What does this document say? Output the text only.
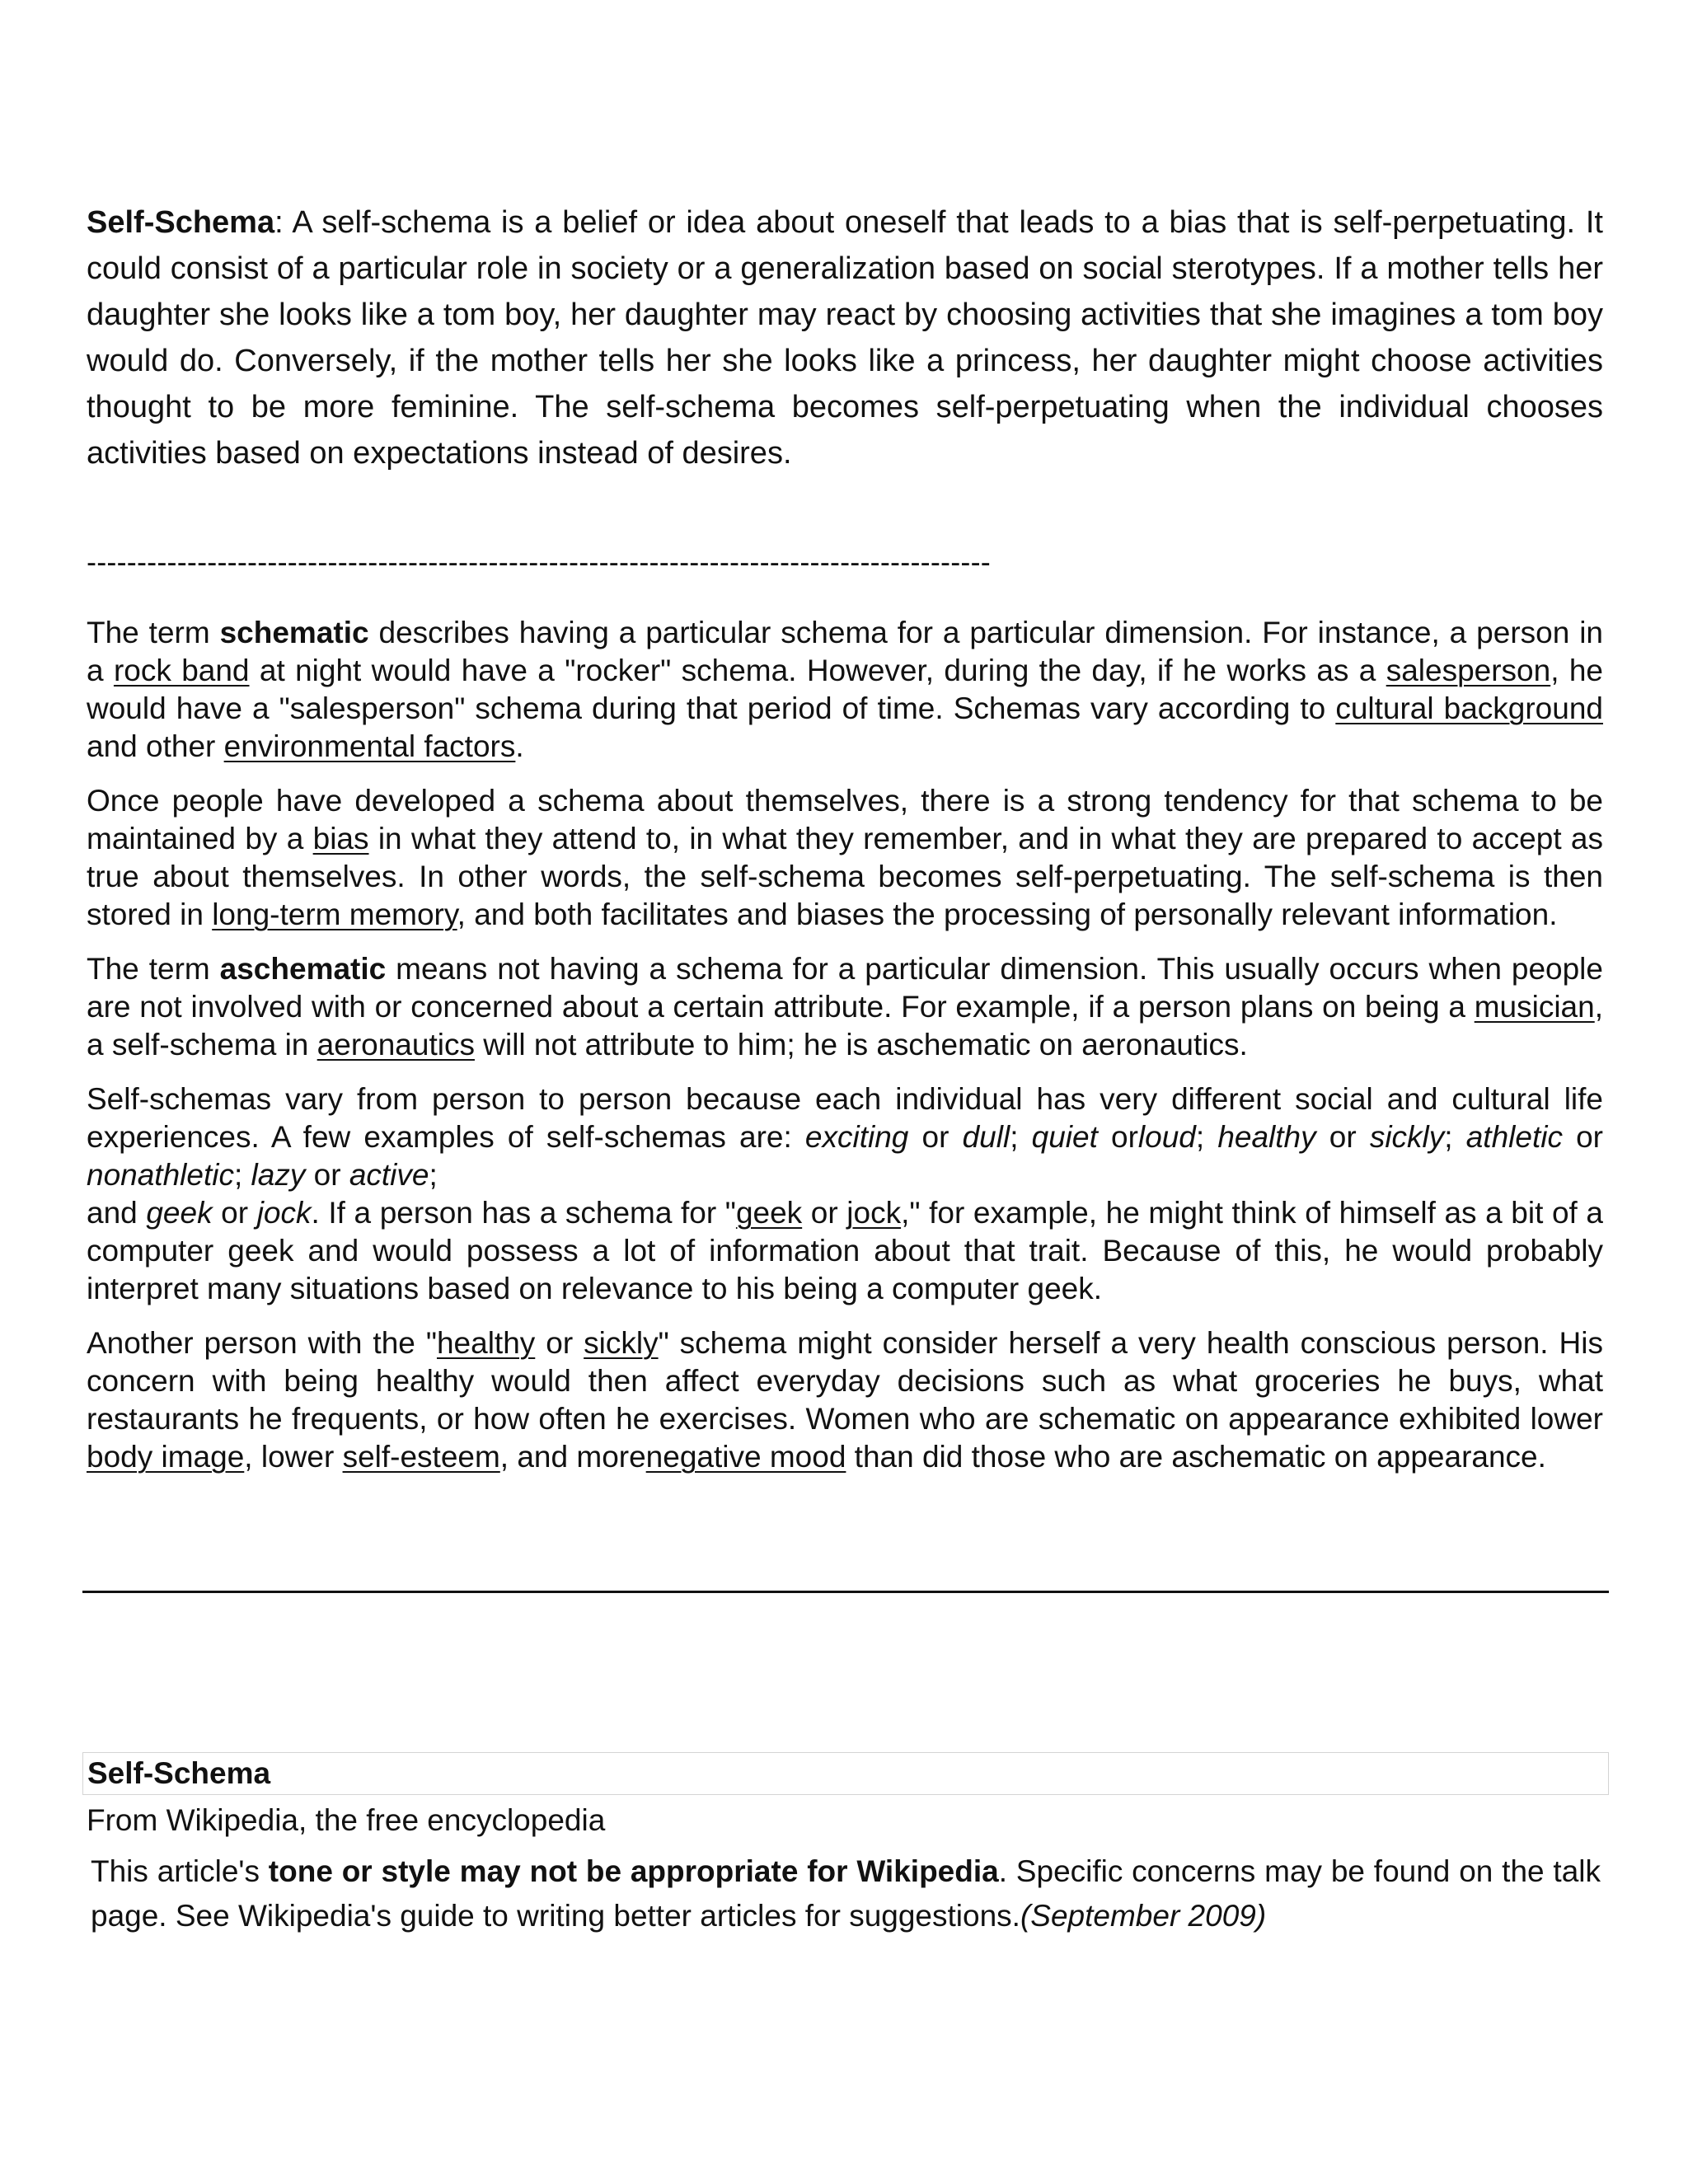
Self-Schema: A self-schema is a belief or idea about oneself that leads to a bias that is self-perpetuating. It could consist of a particular role in society or a generalization based on social sterotypes. If a mother tells her daughter she looks like a tom boy, her daughter may react by choosing activities that she imagines a tom boy would do. Conversely, if the mother tells her she looks like a princess, her daughter might choose activities thought to be more feminine. The self-schema becomes self-perpetuating when the individual chooses activities based on expectations instead of desires.

------------------------------------------------------------------------------------------

The term schematic describes having a particular schema for a particular dimension. For instance, a person in a rock band at night would have a "rocker" schema. However, during the day, if he works as a salesperson, he would have a "salesperson" schema during that period of time. Schemas vary according to cultural background and other environmental factors.

Once people have developed a schema about themselves, there is a strong tendency for that schema to be maintained by a bias in what they attend to, in what they remember, and in what they are prepared to accept as true about themselves. In other words, the self-schema becomes self-perpetuating. The self-schema is then stored in long-term memory, and both facilitates and biases the processing of personally relevant information.

The term aschematic means not having a schema for a particular dimension. This usually occurs when people are not involved with or concerned about a certain attribute. For example, if a person plans on being a musician, a self-schema in aeronautics will not attribute to him; he is aschematic on aeronautics.

Self-schemas vary from person to person because each individual has very different social and cultural life experiences. A few examples of self-schemas are: exciting or dull; quiet orloud; healthy or sickly; athletic or nonathletic; lazy or active;
and geek or jock. If a person has a schema for "geek or jock," for example, he might think of himself as a bit of a computer geek and would possess a lot of information about that trait. Because of this, he would probably interpret many situations based on relevance to his being a computer geek.

Another person with the "healthy or sickly" schema might consider herself a very health conscious person. His concern with being healthy would then affect everyday decisions such as what groceries he buys, what restaurants he frequents, or how often he exercises. Women who are schematic on appearance exhibited lower body image, lower self-esteem, and morenegative mood than did those who are aschematic on appearance.

Self-Schema
From Wikipedia, the free encyclopedia

This article's tone or style may not be appropriate for Wikipedia. Specific concerns may be found on the talk page. See Wikipedia's guide to writing better articles for suggestions.(September 2009)
